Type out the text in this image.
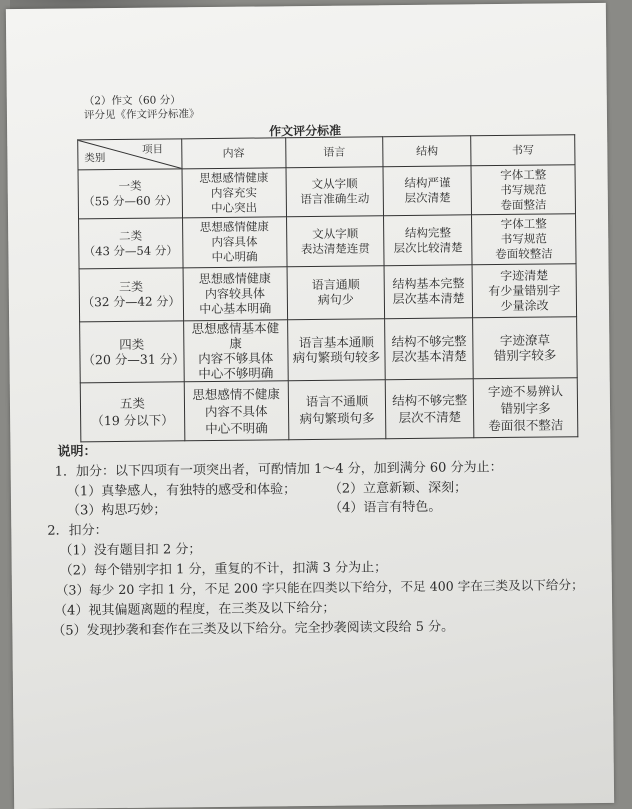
（2）作文（60 分）
评分见《作文评分标准》
作文评分标准
项目
类别	内容	语言	结构	书写

一类
（55 分—60 分）	思想感情健康
内容充实
中心突出	文从字顺
语言准确生动	结构严谨
层次清楚	字体工整
书写规范
卷面整洁

二类
（43 分—54 分）	思想感情健康
内容具体
中心明确	文从字顺
表达清楚连贯	结构完整
层次比较清楚	字体工整
书写规范
卷面较整洁

三类
（32 分—42 分）	思想感情健康
内容较具体
中心基本明确	语言通顺
病句少	结构基本完整
层次基本清楚	字迹清楚
有少量错别字
少量涂改

四类
（20 分—31 分）	思想感情基本健康
内容不够具体
中心不够明确	语言基本通顺
病句繁琐句较多	结构不够完整
层次基本清楚	字迹潦草
错别字较多

五类
（19 分以下）	思想感情不健康
内容不具体
中心不明确	语言不通顺
病句繁琐句多	结构不够完整
层次不清楚	字迹不易辨认
错别字多
卷面很不整洁
说明：
1．加分：以下四项有一项突出者，可酌情加 1～4 分，加到满分 60 分为止：
（1）真挚感人，有独特的感受和体验；	（2）立意新颖、深刻；
（3）构思巧妙；	（4）语言有特色。
2．扣分：
（1）没有题目扣 2 分；
（2）每个错别字扣 1 分，重复的不计，扣满 3 分为止；
（3）每少 20 字扣 1 分，不足 200 字只能在四类以下给分，不足 400 字在三类及以下给分；
（4）视其偏题离题的程度，在三类及以下给分；
（5）发现抄袭和套作在三类及以下给分。完全抄袭阅读文段给 5 分。
